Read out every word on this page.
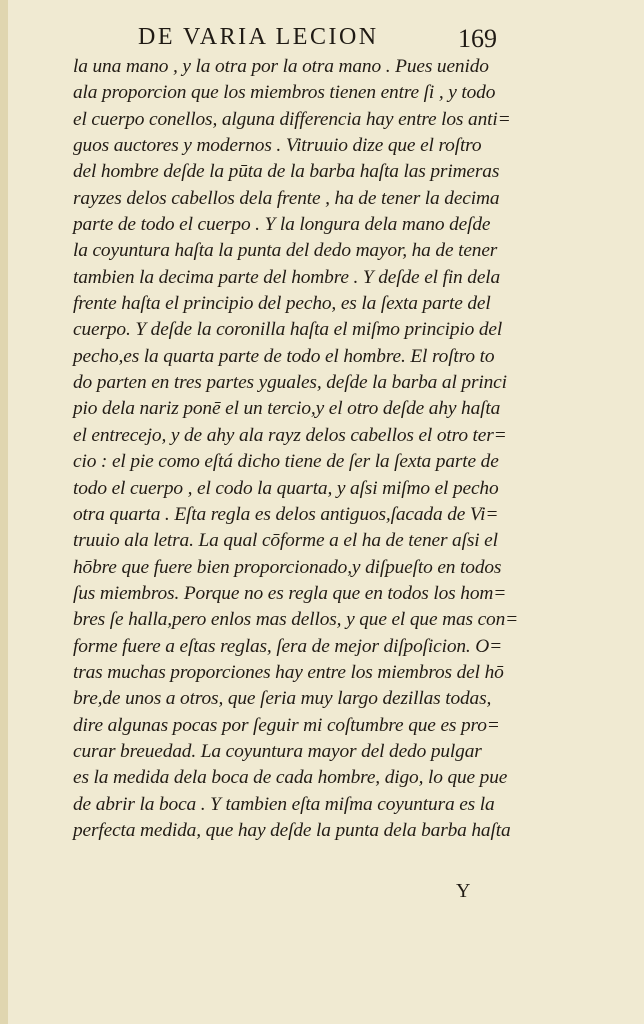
DE VARIA LECION	169
la una mano , y la otra por la otra mano . Pues uenido
ala proporcion que los miembros tienen entre ſi , y todo
el cuerpo conellos, alguna differencia hay entre los anti=
guos auctores y modernos . Vitruuio dize que el roſtro
del hombre deſde la pūta de la barba haſta las primeras
rayzes delos cabellos dela frente , ha de tener la decima
parte de todo el cuerpo . Y la longura dela mano deſde
la coyuntura haſta la punta del dedo mayor, ha de tener
tambien la decima parte del hombre . Y deſde el fin dela
frente haſta el principio del pecho, es la ſexta parte del
cuerpo. Y deſde la coronilla haſta el miſmo principio del
pecho,es la quarta parte de todo el hombre. El roſtro to
do parten en tres partes yguales, deſde la barba al princi
pio dela nariz ponē el un tercio,y el otro deſde ahy haſta
el entrecejo, y de ahy ala rayz delos cabellos el otro ter=
cio : el pie como eſtá dicho tiene de ſer la ſexta parte de
todo el cuerpo , el codo la quarta, y aſsi miſmo el pecho
otra quarta . Eſta regla es delos antiguos,ſacada de Vi=
truuio ala letra. La qual cōforme a el ha de tener aſsi el
hōbre que fuere bien proporcionado,y diſpueſto en todos
ſus miembros. Porque no es regla que en todos los hom=
bres ſe halla,pero enlos mas dellos, y que el que mas con=
forme fuere a eſtas reglas, ſera de mejor diſpoſicion. O=
tras muchas proporciones hay entre los miembros del hō
bre,de unos a otros, que ſeria muy largo dezillas todas,
dire algunas pocas por ſeguir mi coſtumbre que es pro=
curar breuedad. La coyuntura mayor del dedo pulgar
es la medida dela boca de cada hombre, digo, lo que pue
de abrir la boca . Y tambien eſta miſma coyuntura es la
perfecta medida, que hay deſde la punta dela barba haſta
Y
